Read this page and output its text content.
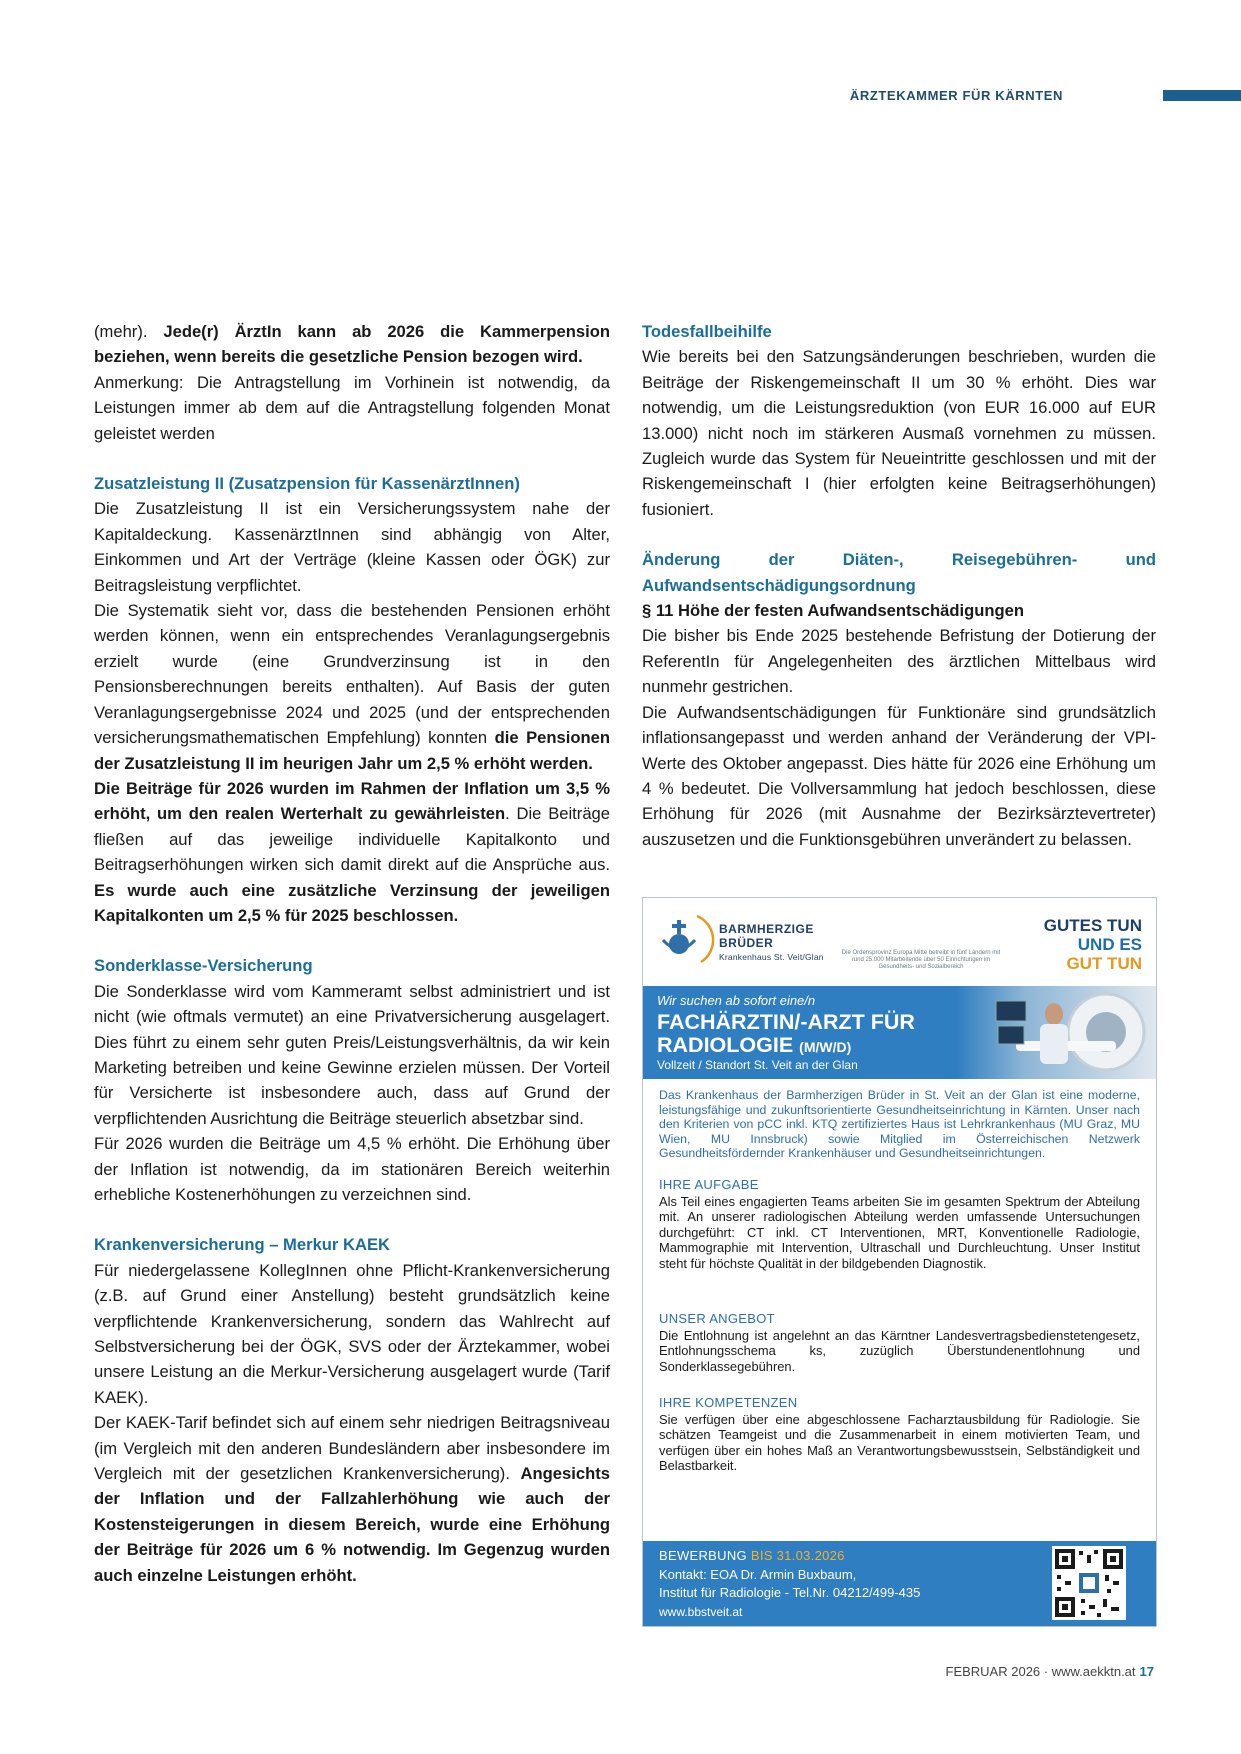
ÄRZTEKAMMER FÜR KÄRNTEN

(mehr). Jede(r) ÄrztIn kann ab 2026 die Kammerpension beziehen, wenn bereits die gesetzliche Pension bezogen wird.

Anmerkung: Die Antragstellung im Vorhinein ist notwendig, da Leistungen immer ab dem auf die Antragstellung folgenden Monat geleistet werden

Zusatzleistung II (Zusatzpension für KassenärztInnen)

Die Zusatzleistung II ist ein Versicherungssystem nahe der Kapitaldeckung. KassenärztInnen sind abhängig von Alter, Einkommen und Art der Verträge (kleine Kassen oder ÖGK) zur Beitragsleistung verpflichtet.

Die Systematik sieht vor, dass die bestehenden Pensionen erhöht werden können, wenn ein entsprechendes Veranlagungsergebnis erzielt wurde (eine Grundverzinsung ist in den Pensionsberechnungen bereits enthalten). Auf Basis der guten Veranlagungsergebnisse 2024 und 2025 (und der entsprechenden versicherungsmathematischen Empfehlung) konnten die Pensionen der Zusatzleistung II im heurigen Jahr um 2,5 % erhöht werden.

Die Beiträge für 2026 wurden im Rahmen der Inflation um 3,5 % erhöht, um den realen Werterhalt zu gewährleisten. Die Beiträge fließen auf das jeweilige individuelle Kapitalkonto und Beitragserhöhungen wirken sich damit direkt auf die Ansprüche aus. Es wurde auch eine zusätzliche Verzinsung der jeweiligen Kapitalkonten um 2,5 % für 2025 beschlossen.

Sonderklasse-Versicherung

Die Sonderklasse wird vom Kammeramt selbst administriert und ist nicht (wie oftmals vermutet) an eine Privatversicherung ausgelagert. Dies führt zu einem sehr guten Preis/Leistungsverhältnis, da wir kein Marketing betreiben und keine Gewinne erzielen müssen. Der Vorteil für Versicherte ist insbesondere auch, dass auf Grund der verpflichtenden Ausrichtung die Beiträge steuerlich absetzbar sind.

Für 2026 wurden die Beiträge um 4,5 % erhöht. Die Erhöhung über der Inflation ist notwendig, da im stationären Bereich weiterhin erhebliche Kostenerhöhungen zu verzeichnen sind.

Krankenversicherung – Merkur KAEK

Für niedergelassene KollegInnen ohne Pflicht-Krankenversicherung (z.B. auf Grund einer Anstellung) besteht grundsätzlich keine verpflichtende Krankenversicherung, sondern das Wahlrecht auf Selbstversicherung bei der ÖGK, SVS oder der Ärztekammer, wobei unsere Leistung an die Merkur-Versicherung ausgelagert wurde (Tarif KAEK).

Der KAEK-Tarif befindet sich auf einem sehr niedrigen Beitragsniveau (im Vergleich mit den anderen Bundesländern aber insbesondere im Vergleich mit der gesetzlichen Krankenversicherung). Angesichts der Inflation und der Fallzahlerhöhung wie auch der Kostensteigerungen in diesem Bereich, wurde eine Erhöhung der Beiträge für 2026 um 6 % notwendig. Im Gegenzug wurden auch einzelne Leistungen erhöht.

Todesfallbeihilfe

Wie bereits bei den Satzungsänderungen beschrieben, wurden die Beiträge der Riskengemeinschaft II um 30 % erhöht. Dies war notwendig, um die Leistungsreduktion (von EUR 16.000 auf EUR 13.000) nicht noch im stärkeren Ausmaß vornehmen zu müssen. Zugleich wurde das System für Neueintritte geschlossen und mit der Riskengemeinschaft I (hier erfolgten keine Beitragserhöhungen) fusioniert.

Änderung der Diäten-, Reisegebühren- und Aufwandsentschädigungsordnung
§ 11 Höhe der festen Aufwandsentschädigungen

Die bisher bis Ende 2025 bestehende Befristung der Dotierung der ReferentIn für Angelegenheiten des ärztlichen Mittelbaus wird nunmehr gestrichen.

Die Aufwandsentschädigungen für Funktionäre sind grundsätzlich inflationsangepasst und werden anhand der Veränderung der VPI-Werte des Oktober angepasst. Dies hätte für 2026 eine Erhöhung um 4 % bedeutet. Die Vollversammlung hat jedoch beschlossen, diese Erhöhung für 2026 (mit Ausnahme der Bezirksärztevertreter) auszusetzen und die Funktionsgebühren unverändert zu belassen.

BARMHERZIGE
BRÜDER
Krankenhaus St. Veit/Glan	Die Ordensprovinz Europa Mitte betreibt in fünf Ländern mit rund 25.000 Mitarbeitende über 50 Einrichtungen im Gesundheits- und Sozialbereich
GUTES TUN
UND ES
GUT TUN
Wir suchen ab sofort eine/n
FACHÄRZTIN/-ARZT FÜR
RADIOLOGIE (M/W/D)
Vollzeit / Standort St. Veit an der Glan
Das Krankenhaus der Barmherzigen Brüder in St. Veit an der Glan ist eine moderne, leistungsfähige und zukunftsorientierte Gesundheitseinrichtung in Kärnten. Unser nach den Kriterien von pCC inkl. KTQ zertifiziertes Haus ist Lehrkrankenhaus (MU Graz, MU Wien, MU Innsbruck) sowie Mitglied im Österreichischen Netzwerk Gesundheitsfördernder Krankenhäuser und Gesundheitseinrichtungen.
IHRE AUFGABE

Als Teil eines engagierten Teams arbeiten Sie im gesamten Spektrum der Abteilung mit. An unserer radiologischen Abteilung werden umfassende Untersuchungen durchgeführt: CT inkl. CT Interventionen, MRT, Konventionelle Radiologie, Mammographie mit Intervention, Ultraschall und Durchleuchtung. Unser Institut steht für höchste Qualität in der bildgebenden Diagnostik.

UNSER ANGEBOT

Die Entlohnung ist angelehnt an das Kärntner Landesvertragsbedienstetengesetz, Entlohnungsschema ks, zuzüglich Überstundenentlohnung und Sonderklassegebühren.

IHRE KOMPETENZEN

Sie verfügen über eine abgeschlossene Facharztausbildung für Radiologie. Sie schätzen Teamgeist und die Zusammenarbeit in einem motivierten Team, und verfügen über ein hohes Maß an Verantwortungsbewusstsein, Selbständigkeit und Belastbarkeit.

BEWERBUNG BIS 31.03.2026
Kontakt: EOA Dr. Armin Buxbaum,
Institut für Radiologie - Tel.Nr. 04212/499-435
www.bbstveit.at
FEBRUAR 2026 · www.aekktn.at 17
